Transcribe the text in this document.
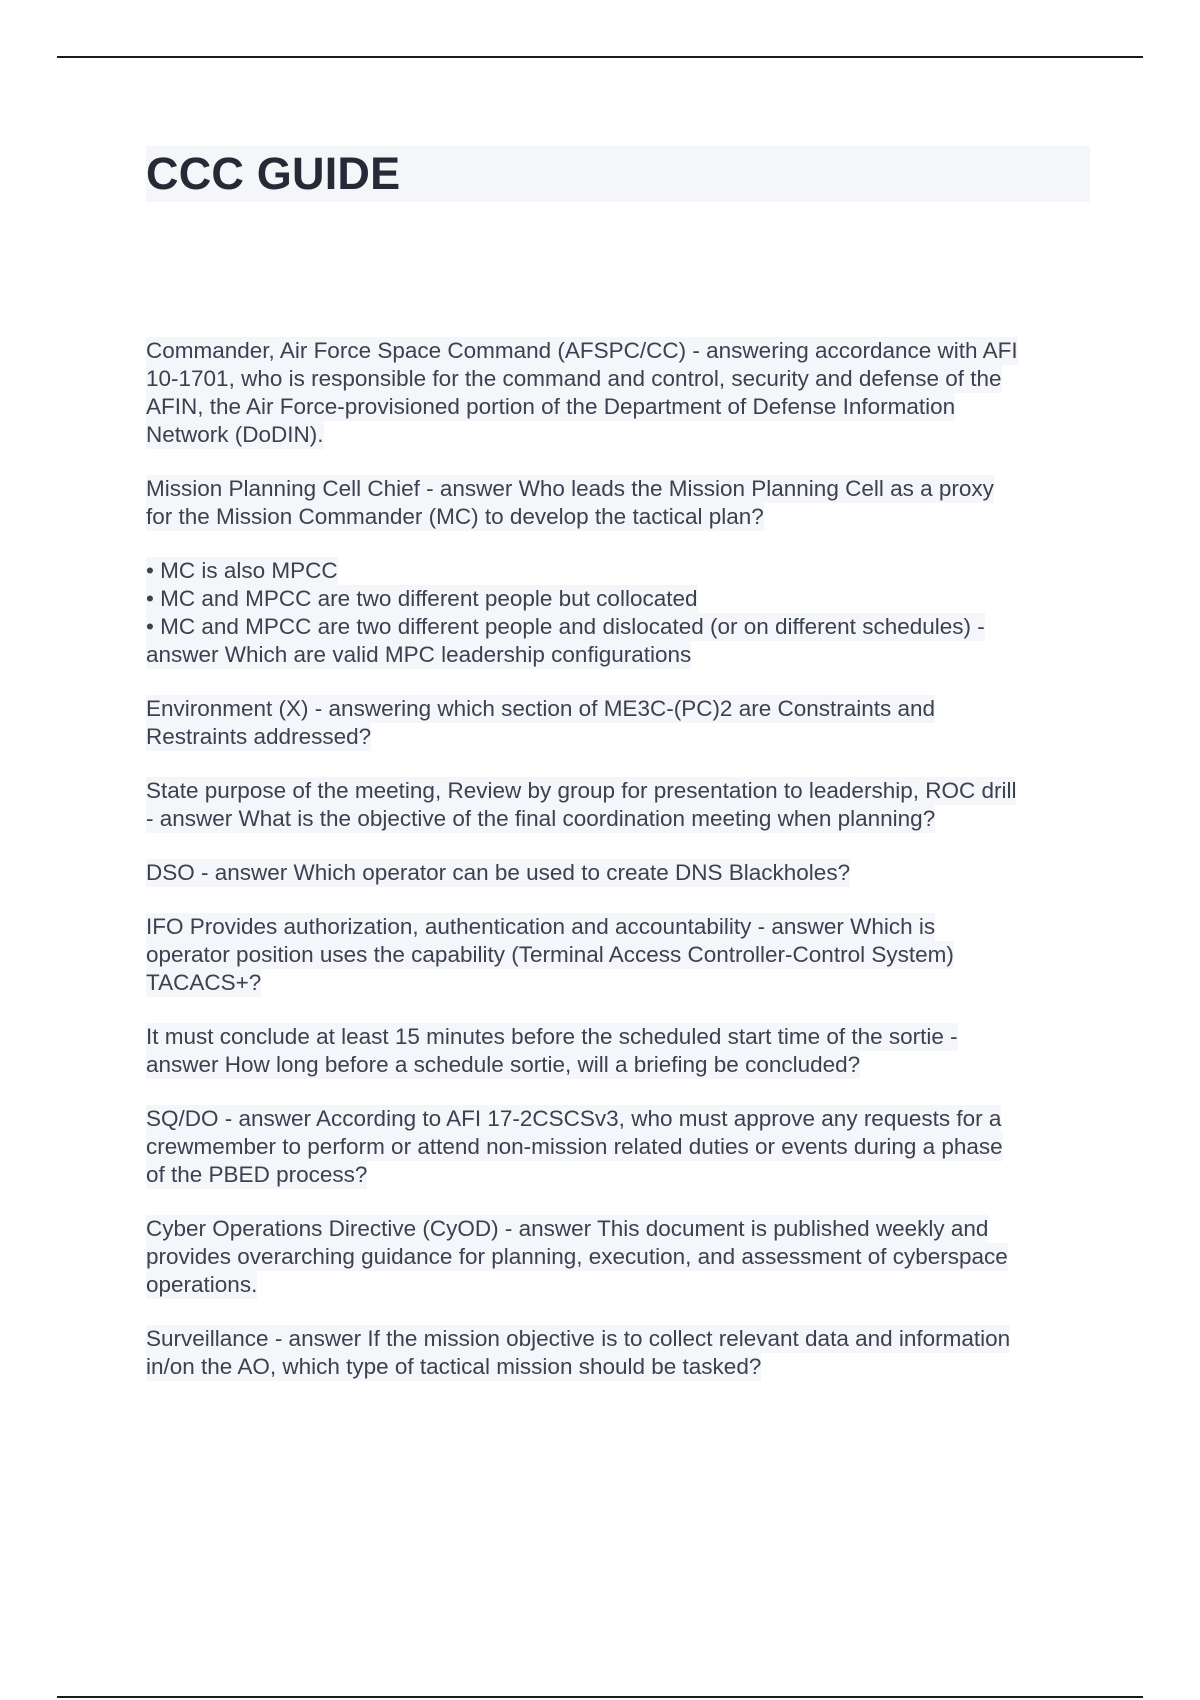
CCC GUIDE

Commander, Air Force Space Command (AFSPC/CC) - answering accordance with AFI
10-1701, who is responsible for the command and control, security and defense of the
AFIN, the Air Force-provisioned portion of the Department of Defense Information
Network (DoDIN).

Mission Planning Cell Chief - answer Who leads the Mission Planning Cell as a proxy
for the Mission Commander (MC) to develop the tactical plan?

• MC is also MPCC
• MC and MPCC are two different people but collocated
• MC and MPCC are two different people and dislocated (or on different schedules) -
answer Which are valid MPC leadership configurations

Environment (X) - answering which section of ME3C-(PC)2 are Constraints and
Restraints addressed?

State purpose of the meeting, Review by group for presentation to leadership, ROC drill
- answer What is the objective of the final coordination meeting when planning?

DSO - answer Which operator can be used to create DNS Blackholes?

IFO Provides authorization, authentication and accountability - answer Which is
operator position uses the capability (Terminal Access Controller-Control System)
TACACS+?

It must conclude at least 15 minutes before the scheduled start time of the sortie -
answer How long before a schedule sortie, will a briefing be concluded?

SQ/DO - answer According to AFI 17-2CSCSv3, who must approve any requests for a
crewmember to perform or attend non-mission related duties or events during a phase
of the PBED process?

Cyber Operations Directive (CyOD) - answer This document is published weekly and
provides overarching guidance for planning, execution, and assessment of cyberspace
operations.

Surveillance - answer If the mission objective is to collect relevant data and information
in/on the AO, which type of tactical mission should be tasked?
